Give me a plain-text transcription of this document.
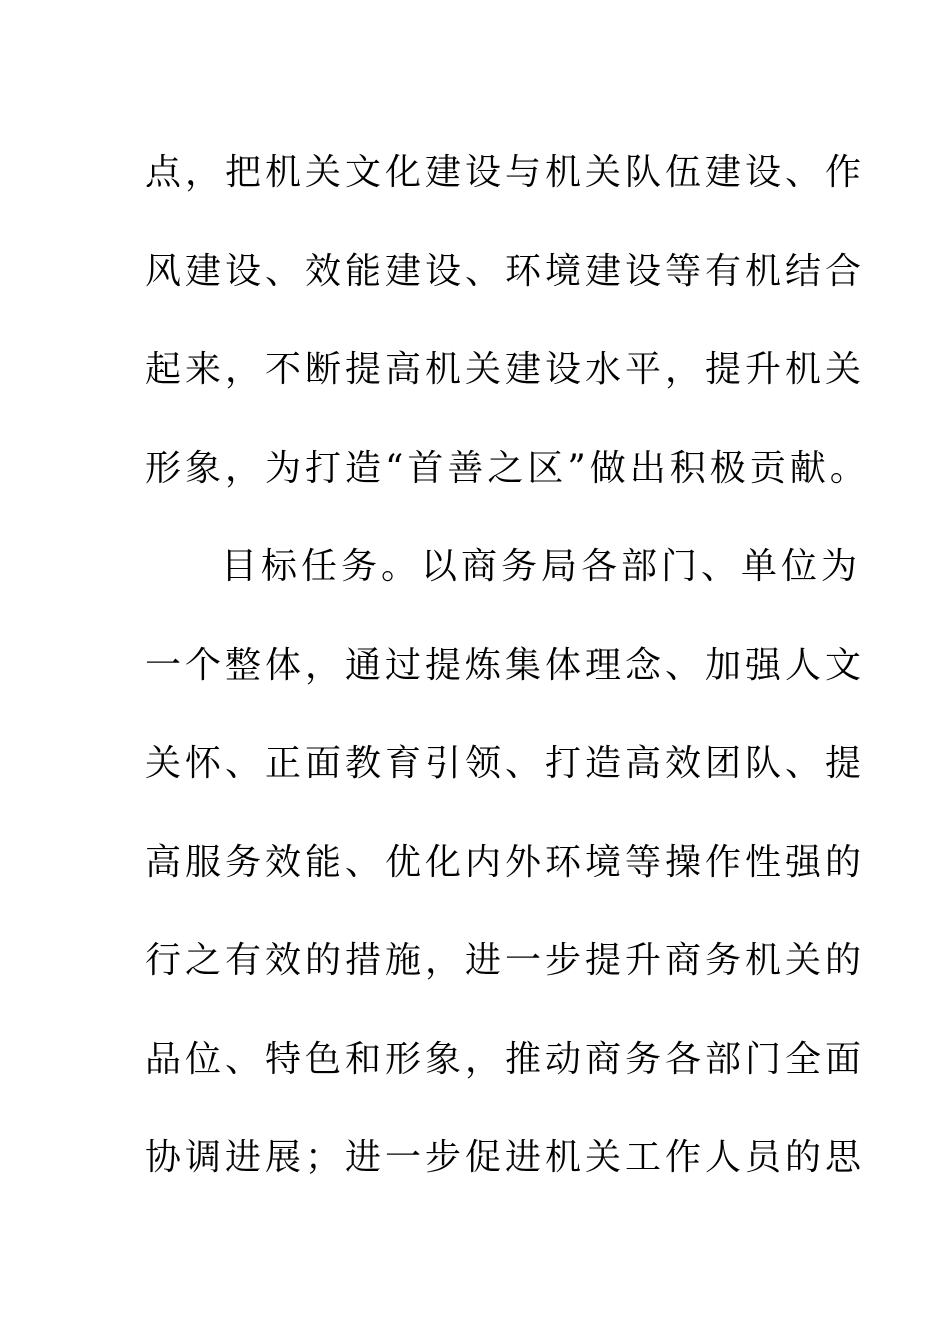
点，把机关文化建设与机关队伍建设、作
风建设、效能建设、环境建设等有机结合
起来，不断提高机关建设水平，提升机关
形象，为打造“首善之区”做出积极贡献。
目标任务。以商务局各部门、单位为
一个整体，通过提炼集体理念、加强人文
关怀、正面教育引领、打造高效团队、提
高服务效能、优化内外环境等操作性强的
行之有效的措施，进一步提升商务机关的
品位、特色和形象，推动商务各部门全面
协调进展；进一步促进机关工作人员的思
